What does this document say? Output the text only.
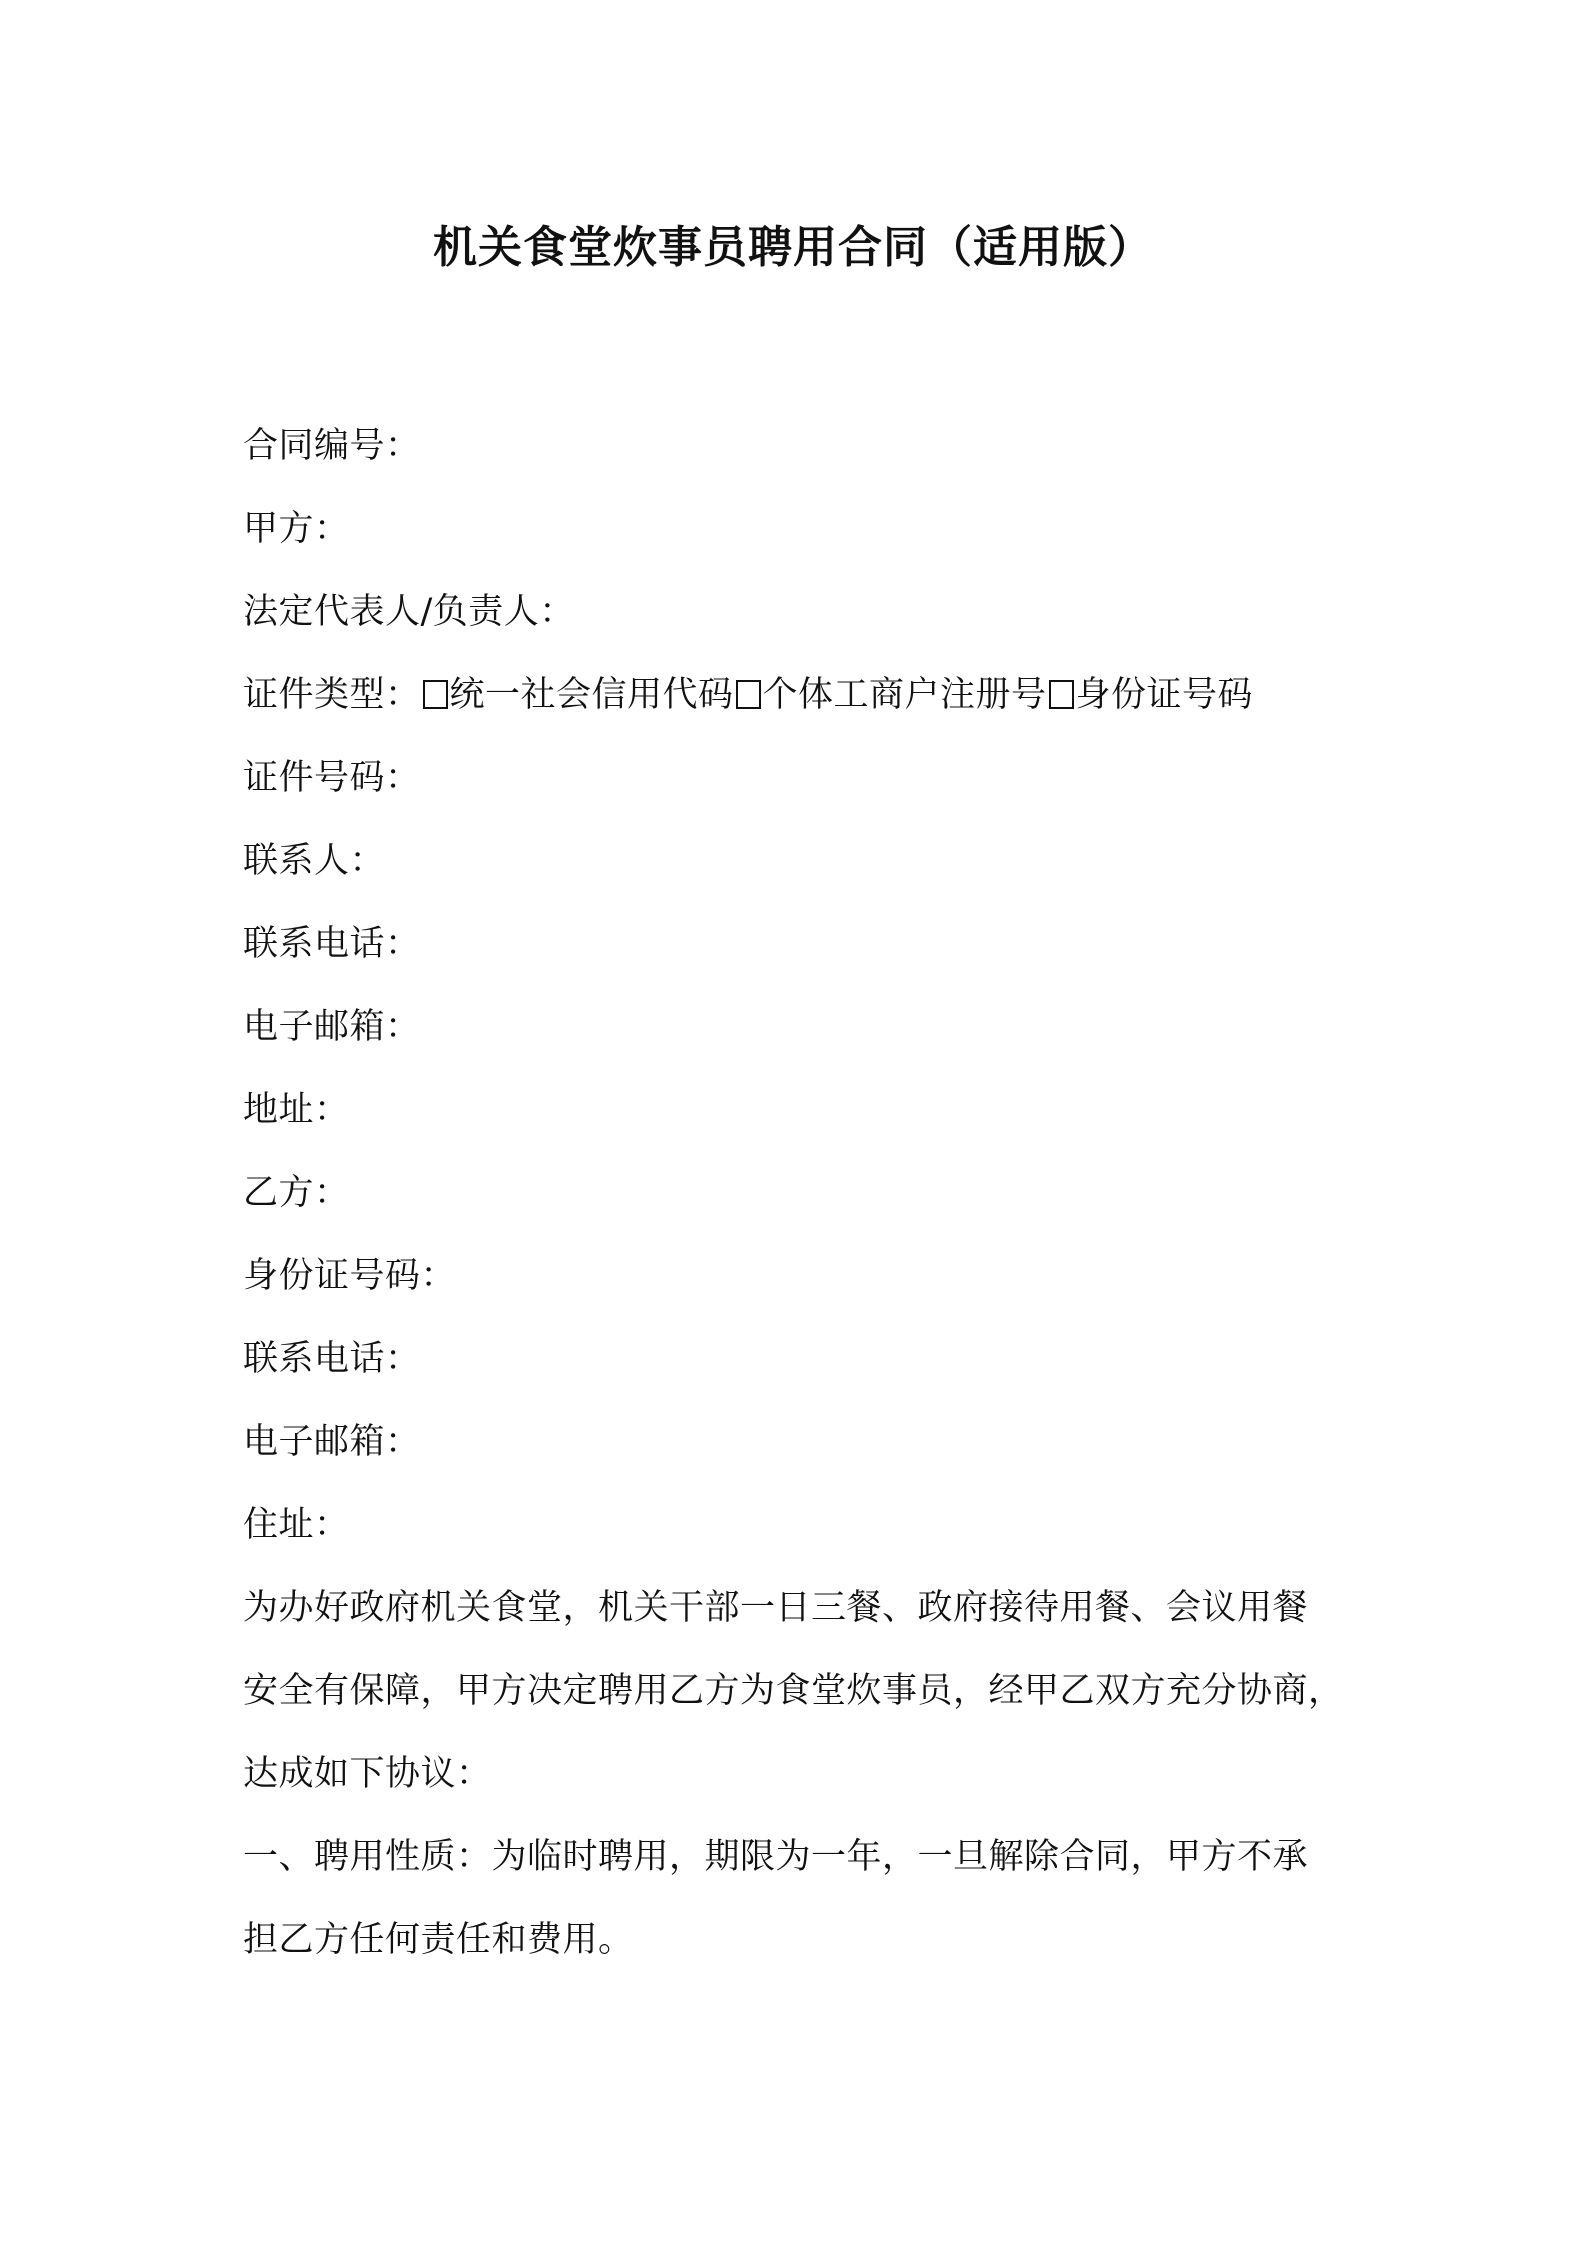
机关食堂炊事员聘用合同（适用版）
合同编号：
甲方：
法定代表人/负责人：
证件类型： 统一社会信用代码 个体工商户注册号 身份证号码
证件号码：
联系人：
联系电话：
电子邮箱：
地址：
乙方：
身份证号码：
联系电话：
电子邮箱：
住址：
为办好政府机关食堂，机关干部一日三餐、政府接待用餐、会议用餐
安全有保障，甲方决定聘用乙方为食堂炊事员，经甲乙双方充分协商，
达成如下协议：
一、聘用性质：为临时聘用，期限为一年，一旦解除合同，甲方不承
担乙方任何责任和费用。
